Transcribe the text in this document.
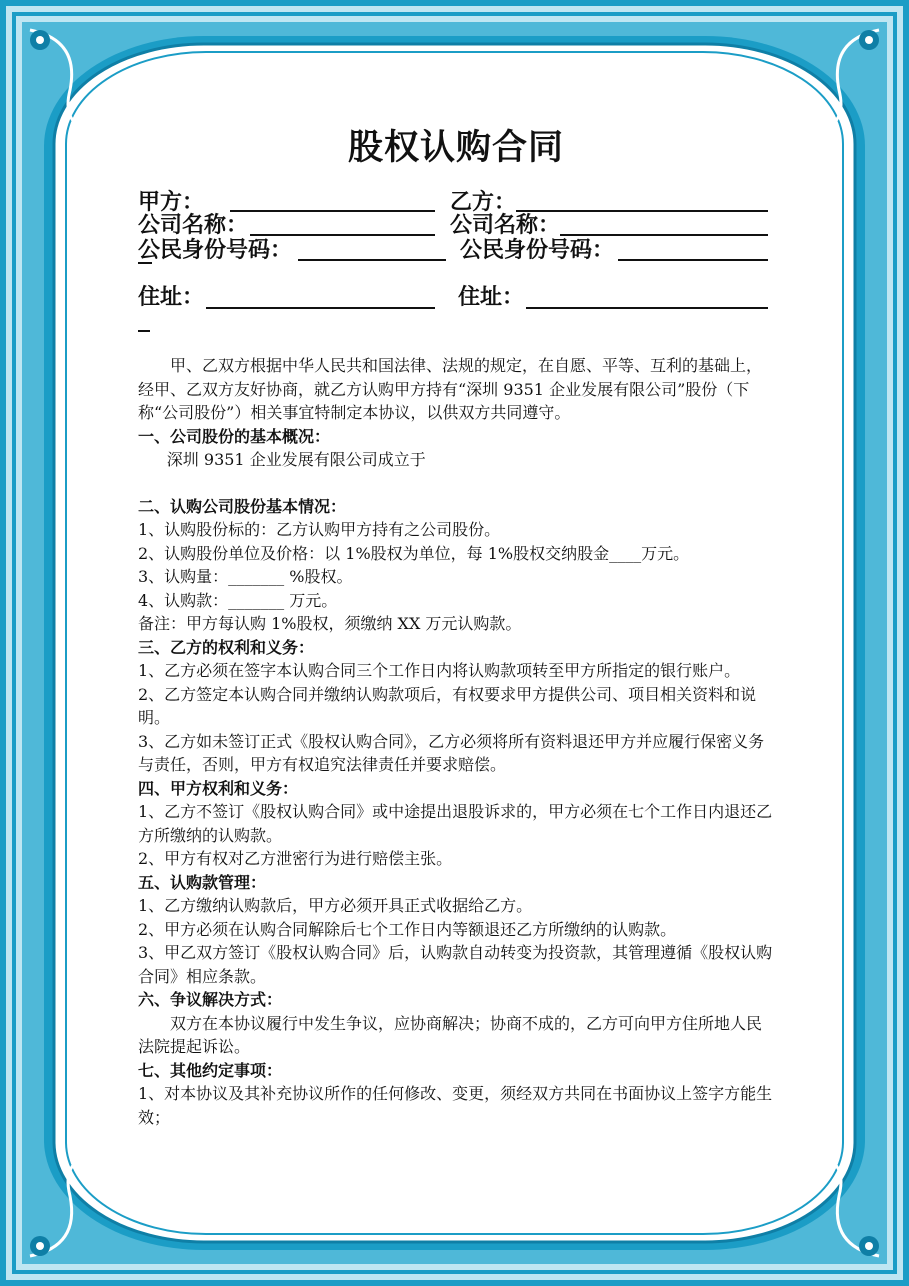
股权认购合同
甲方：	乙方：
公司名称：	公司名称：
公民身份号码：	公民身份号码：
住址：	住址：

甲、乙双方根据中华人民共和国法律、法规的规定，在自愿、平等、互利的基础上，经甲、乙双方友好协商，就乙方认购甲方持有“深圳 9351 企业发展有限公司”股份（下称“公司股份”）相关事宜特制定本协议，以供双方共同遵守。

一、公司股份的基本概况：

深圳 9351 企业发展有限公司成立于

二、认购公司股份基本情况：

1、认购股份标的：乙方认购甲方持有之公司股份。

2、认购股份单位及价格：以 1%股权为单位，每 1%股权交纳股金____万元。

3、认购量：_______ %股权。

4、认购款：_______ 万元。

备注：甲方每认购 1%股权，须缴纳 XX 万元认购款。

三、乙方的权利和义务：

1、乙方必须在签字本认购合同三个工作日内将认购款项转至甲方所指定的银行账户。

2、乙方签定本认购合同并缴纳认购款项后，有权要求甲方提供公司、项目相关资料和说明。

3、乙方如未签订正式《股权认购合同》，乙方必须将所有资料退还甲方并应履行保密义务与责任，否则，甲方有权追究法律责任并要求赔偿。

四、甲方权利和义务：

1、乙方不签订《股权认购合同》或中途提出退股诉求的，甲方必须在七个工作日内退还乙方所缴纳的认购款。

2、甲方有权对乙方泄密行为进行赔偿主张。

五、认购款管理：

1、乙方缴纳认购款后，甲方必须开具正式收据给乙方。

2、甲方必须在认购合同解除后七个工作日内等额退还乙方所缴纳的认购款。

3、甲乙双方签订《股权认购合同》后，认购款自动转变为投资款，其管理遵循《股权认购合同》相应条款。

六、争议解决方式：

双方在本协议履行中发生争议，应协商解决；协商不成的，乙方可向甲方住所地人民法院提起诉讼。

七、其他约定事项：

1、对本协议及其补充协议所作的任何修改、变更，须经双方共同在书面协议上签字方能生效；
